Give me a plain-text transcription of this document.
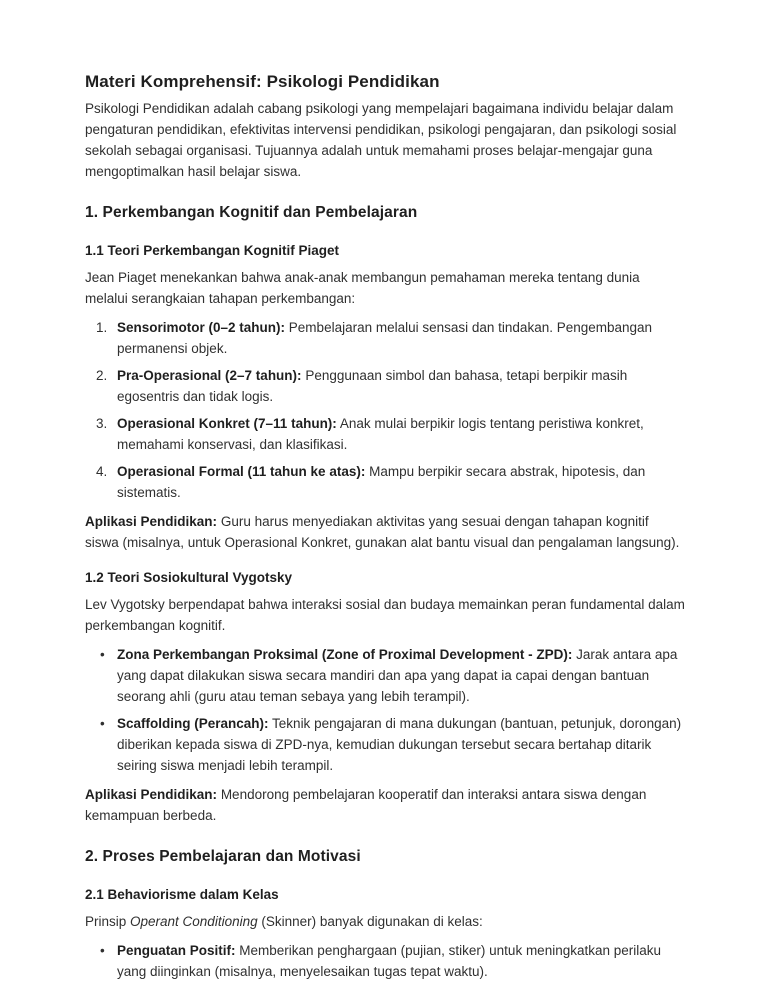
Materi Komprehensif: Psikologi Pendidikan

Psikologi Pendidikan adalah cabang psikologi yang mempelajari bagaimana individu belajar dalam pengaturan pendidikan, efektivitas intervensi pendidikan, psikologi pengajaran, dan psikologi sosial sekolah sebagai organisasi. Tujuannya adalah untuk memahami proses belajar-mengajar guna mengoptimalkan hasil belajar siswa.

1. Perkembangan Kognitif dan Pembelajaran
1.1 Teori Perkembangan Kognitif Piaget

Jean Piaget menekankan bahwa anak-anak membangun pemahaman mereka tentang dunia melalui serangkaian tahapan perkembangan:

1. Sensorimotor (0–2 tahun): Pembelajaran melalui sensasi dan tindakan. Pengembangan permanensi objek.
2. Pra-Operasional (2–7 tahun): Penggunaan simbol dan bahasa, tetapi berpikir masih egosentris dan tidak logis.
3. Operasional Konkret (7–11 tahun): Anak mulai berpikir logis tentang peristiwa konkret, memahami konservasi, dan klasifikasi.
4. Operasional Formal (11 tahun ke atas): Mampu berpikir secara abstrak, hipotesis, dan sistematis.

Aplikasi Pendidikan: Guru harus menyediakan aktivitas yang sesuai dengan tahapan kognitif siswa (misalnya, untuk Operasional Konkret, gunakan alat bantu visual dan pengalaman langsung).

1.2 Teori Sosiokultural Vygotsky

Lev Vygotsky berpendapat bahwa interaksi sosial dan budaya memainkan peran fundamental dalam perkembangan kognitif.

• Zona Perkembangan Proksimal (Zone of Proximal Development - ZPD): Jarak antara apa yang dapat dilakukan siswa secara mandiri dan apa yang dapat ia capai dengan bantuan seorang ahli (guru atau teman sebaya yang lebih terampil).
• Scaffolding (Perancah): Teknik pengajaran di mana dukungan (bantuan, petunjuk, dorongan) diberikan kepada siswa di ZPD-nya, kemudian dukungan tersebut secara bertahap ditarik seiring siswa menjadi lebih terampil.

Aplikasi Pendidikan: Mendorong pembelajaran kooperatif dan interaksi antara siswa dengan kemampuan berbeda.

2. Proses Pembelajaran dan Motivasi
2.1 Behaviorisme dalam Kelas

Prinsip Operant Conditioning (Skinner) banyak digunakan di kelas:

• Penguatan Positif: Memberikan penghargaan (pujian, stiker) untuk meningkatkan perilaku yang diinginkan (misalnya, menyelesaikan tugas tepat waktu).
